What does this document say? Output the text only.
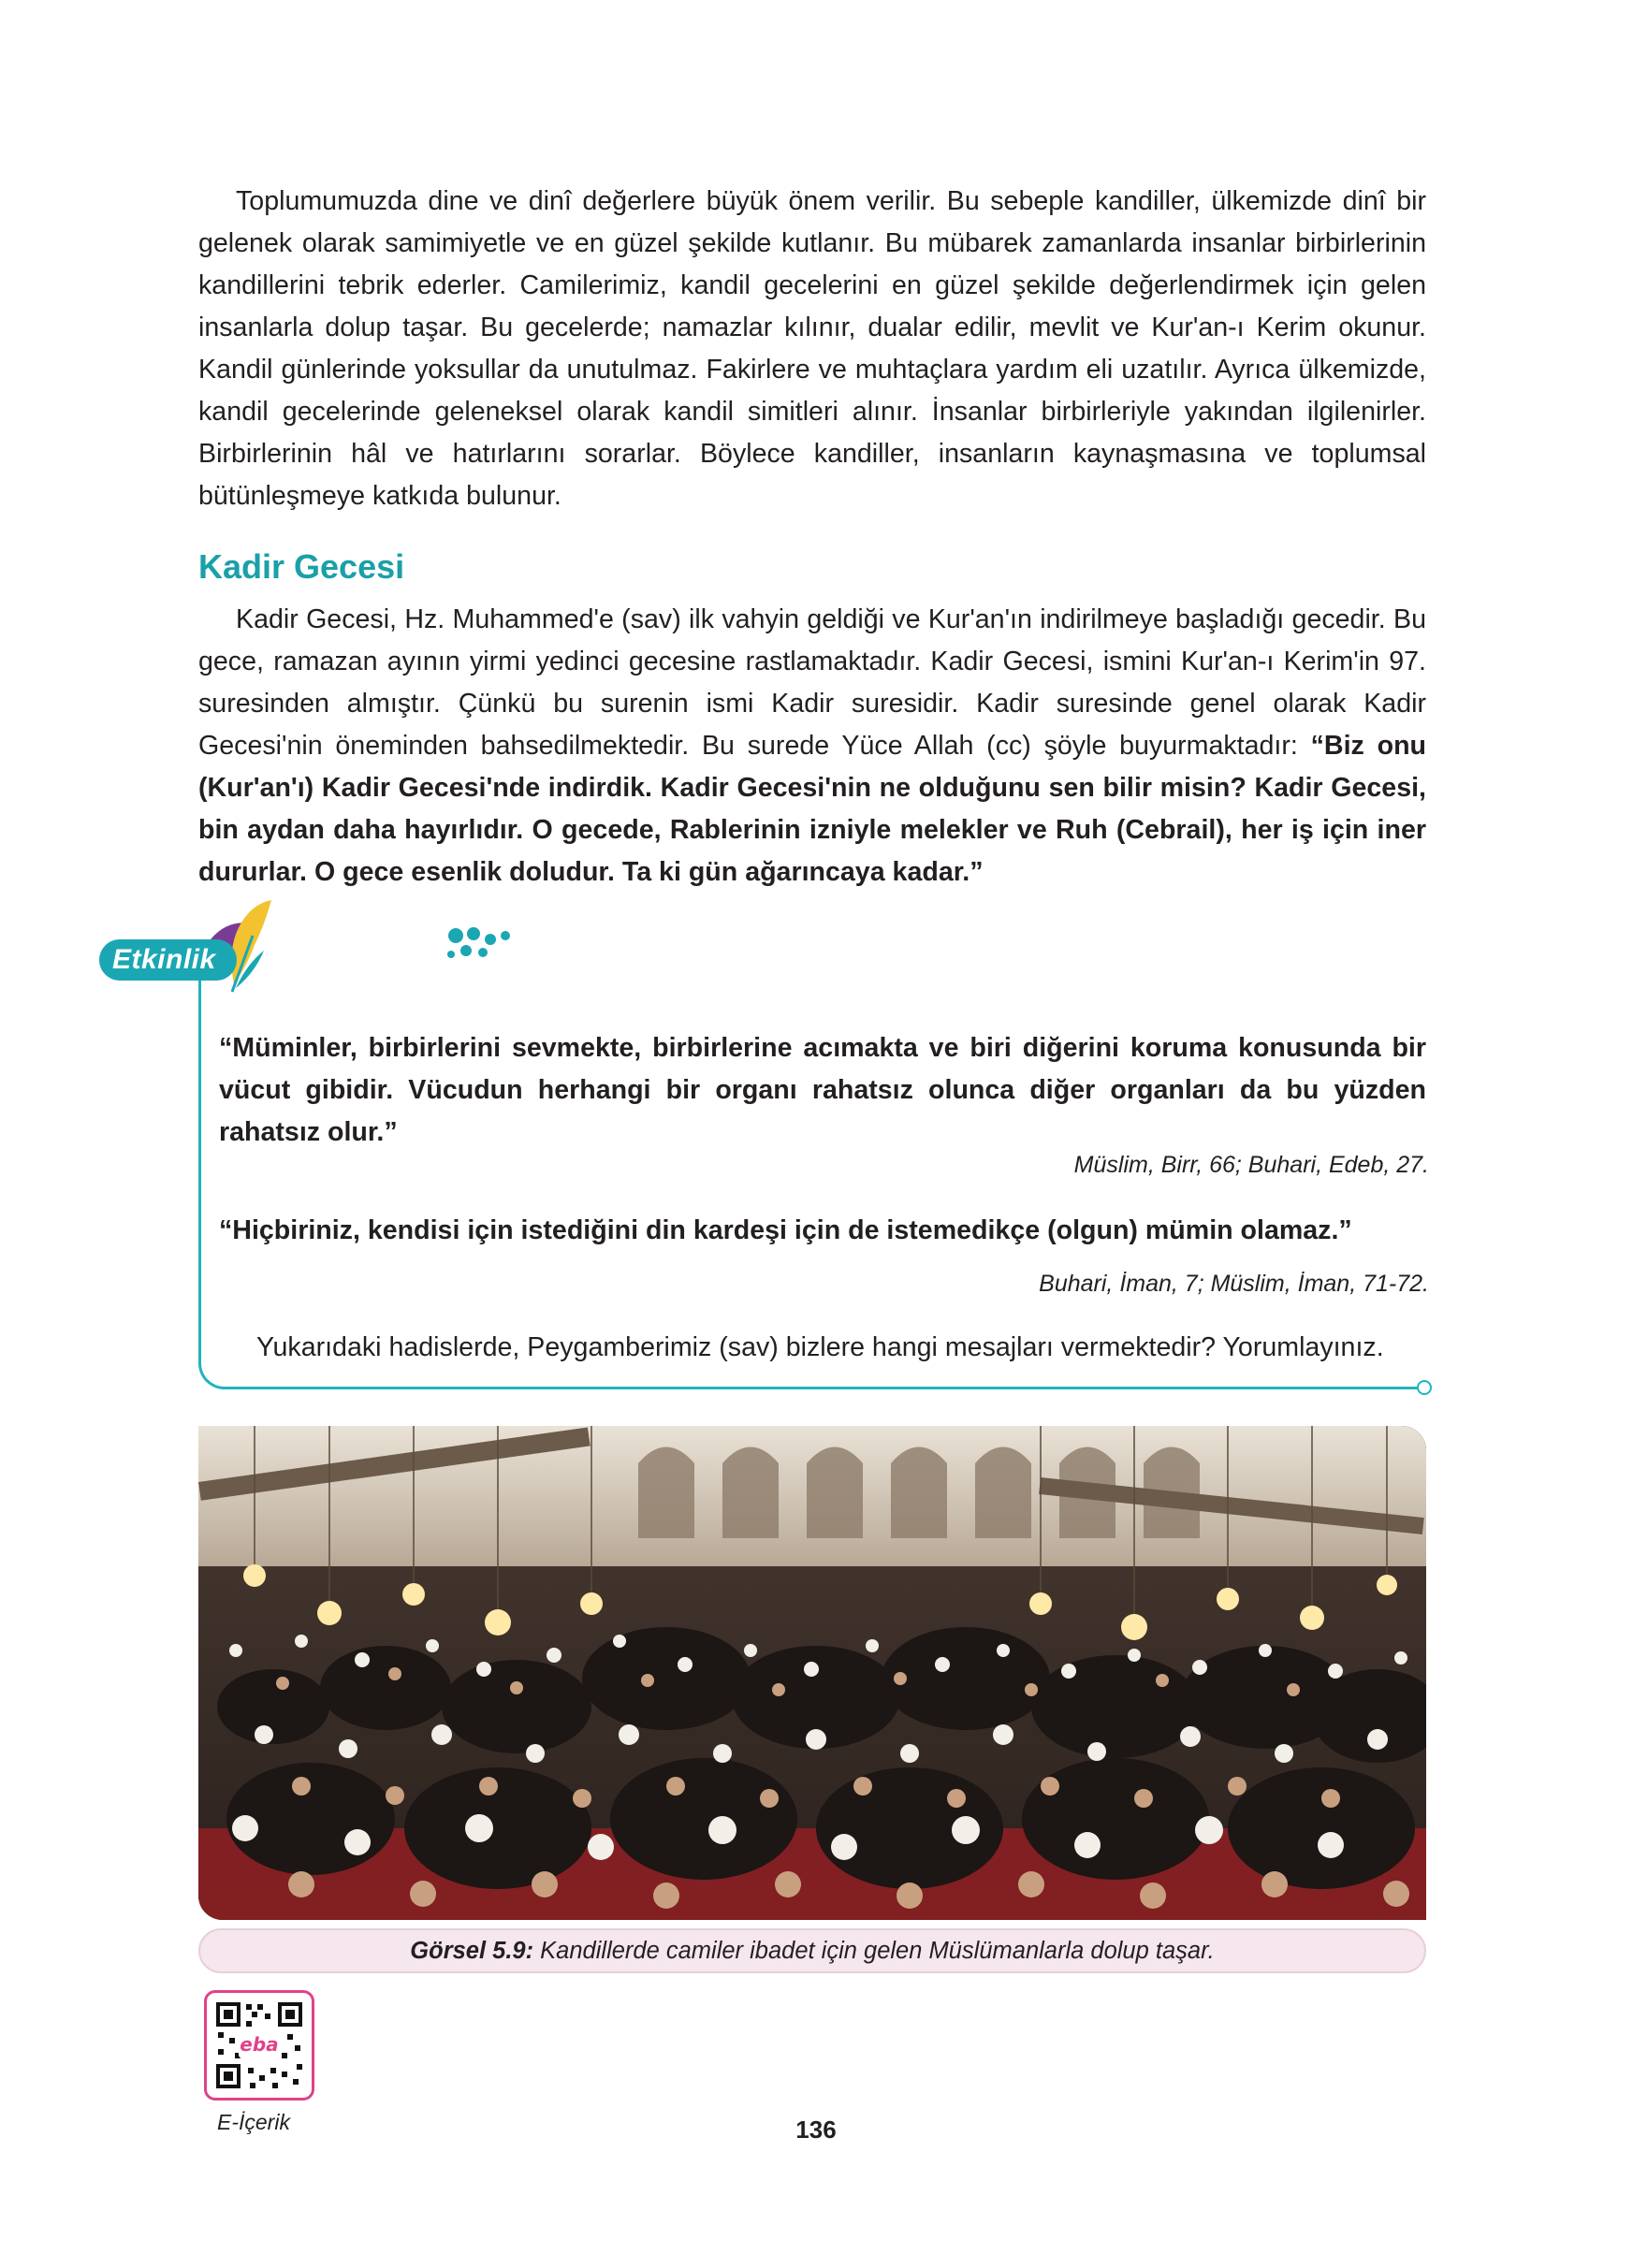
Toplumumuzda dine ve dinî değerlere büyük önem verilir. Bu sebeple kandiller, ülkemizde dinî bir gelenek olarak samimiyetle ve en güzel şekilde kutlanır. Bu mübarek zamanlarda insanlar birbirlerinin kandillerini tebrik ederler. Camilerimiz, kandil gecelerini en güzel şekilde değerlendirmek için gelen insanlarla dolup taşar. Bu gecelerde; namazlar kılınır, dualar edilir, mevlit ve Kur'an-ı Kerim okunur. Kandil günlerinde yoksullar da unutulmaz. Fakirlere ve muhtaçlara yardım eli uzatılır. Ayrıca ülkemizde, kandil gecelerinde geleneksel olarak kandil simitleri alınır. İnsanlar birbirleriyle yakından ilgilenirler. Birbirlerinin hâl ve hatırlarını sorarlar. Böylece kandiller, insanların kaynaşmasına ve toplumsal bütünleşmeye katkıda bulunur.

Kadir Gecesi

Kadir Gecesi, Hz. Muhammed'e (sav) ilk vahyin geldiği ve Kur'an'ın indirilmeye başladığı gecedir. Bu gece, ramazan ayının yirmi yedinci gecesine rastlamaktadır. Kadir Gecesi, ismini Kur'an-ı Kerim'in 97. suresinden almıştır. Çünkü bu surenin ismi Kadir suresidir. Kadir suresinde genel olarak Kadir Gecesi'nin öneminden bahsedilmektedir. Bu surede Yüce Allah (cc) şöyle buyurmaktadır: “Biz onu (Kur'an'ı) Kadir Gecesi'nde indirdik. Kadir Gecesi'nin ne olduğunu sen bilir misin? Kadir Gecesi, bin aydan daha hayırlıdır. O gecede, Rablerinin izniyle melekler ve Ruh (Cebrail), her iş için iner dururlar. O gece esenlik doludur. Ta ki gün ağarıncaya kadar.”

Etkinlik

“Müminler, birbirlerini sevmekte, birbirlerine acımakta ve biri diğerini koruma konusunda bir vücut gibidir. Vücudun herhangi bir organı rahatsız olunca diğer organları da bu yüzden rahatsız olur.”

Müslim, Birr, 66; Buhari, Edeb, 27.

“Hiçbiriniz, kendisi için istediğini din kardeşi için de istemedikçe (olgun) mümin olamaz.”

Buhari, İman, 7; Müslim, İman, 71-72.

Yukarıdaki hadislerde, Peygamberimiz (sav) bizlere hangi mesajları vermektedir? Yorumlayınız.

Görsel 5.9: Kandillerde camiler ibadet için gelen Müslümanlarla dolup taşar.
eba

E-İçerik	136
